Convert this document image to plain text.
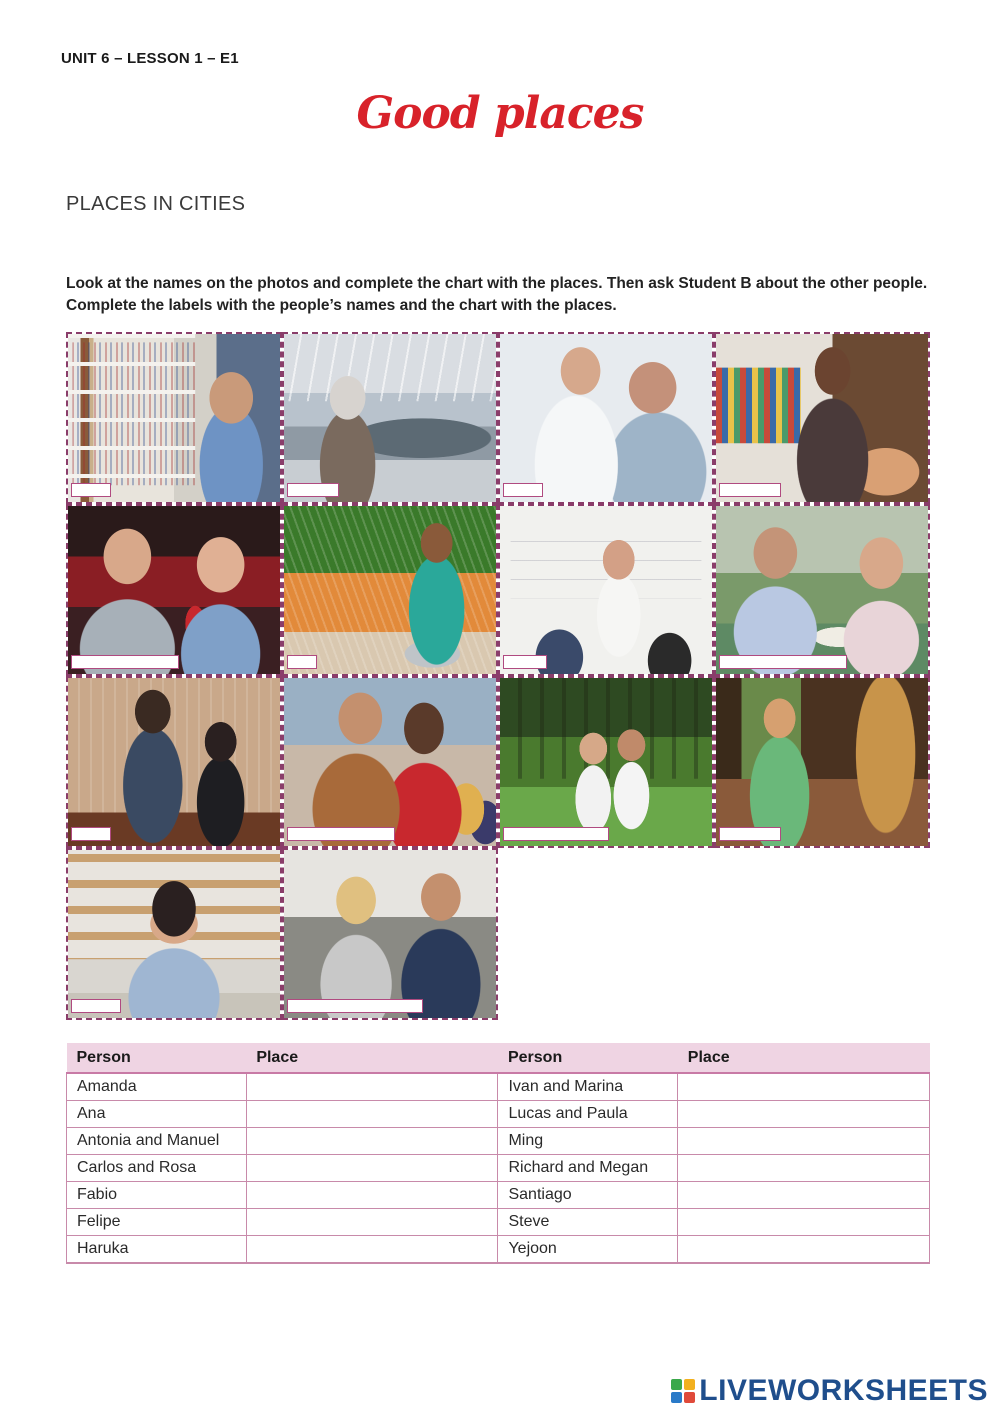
UNIT 6 – LESSON 1 – E1
Good places
PLACES IN CITIES
Look at the names on the photos and complete the chart with the places. Then ask Student B about the other people. Complete the labels with the people’s names and the chart with the places.
Person	Place	Person	Place
Amanda		Ivan and Marina	
Ana		Lucas and Paula	
Antonia and Manuel		Ming	
Carlos and Rosa		Richard and Megan	
Fabio		Santiago	
Felipe		Steve	
Haruka		Yejoon	
LIVEWORKSHEETS
